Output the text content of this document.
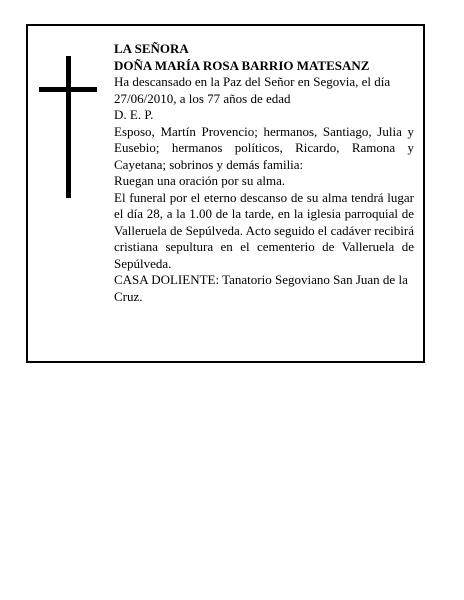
LA SEÑORA

DOÑA MARÍA ROSA BARRIO MATESANZ

Ha descansado en la Paz del Señor en Segovia, el día 27/06/2010, a los 77 años de edad

D. E. P.

Esposo, Martín Provencio; hermanos, Santiago, Julia y Eusebio; hermanos políticos, Ricardo, Ramona y Cayetana; sobrinos y demás familia:

Ruegan una oración por su alma.

El funeral por el eterno descanso de su alma tendrá lugar el día 28, a la 1.00 de la tarde, en la iglesia parroquial de Valleruela de Sepúlveda. Acto seguido el cadáver recibirá cristiana sepultura en el cementerio de Valleruela de Sepúlveda.

CASA DOLIENTE: Tanatorio Segoviano San Juan de la Cruz.
